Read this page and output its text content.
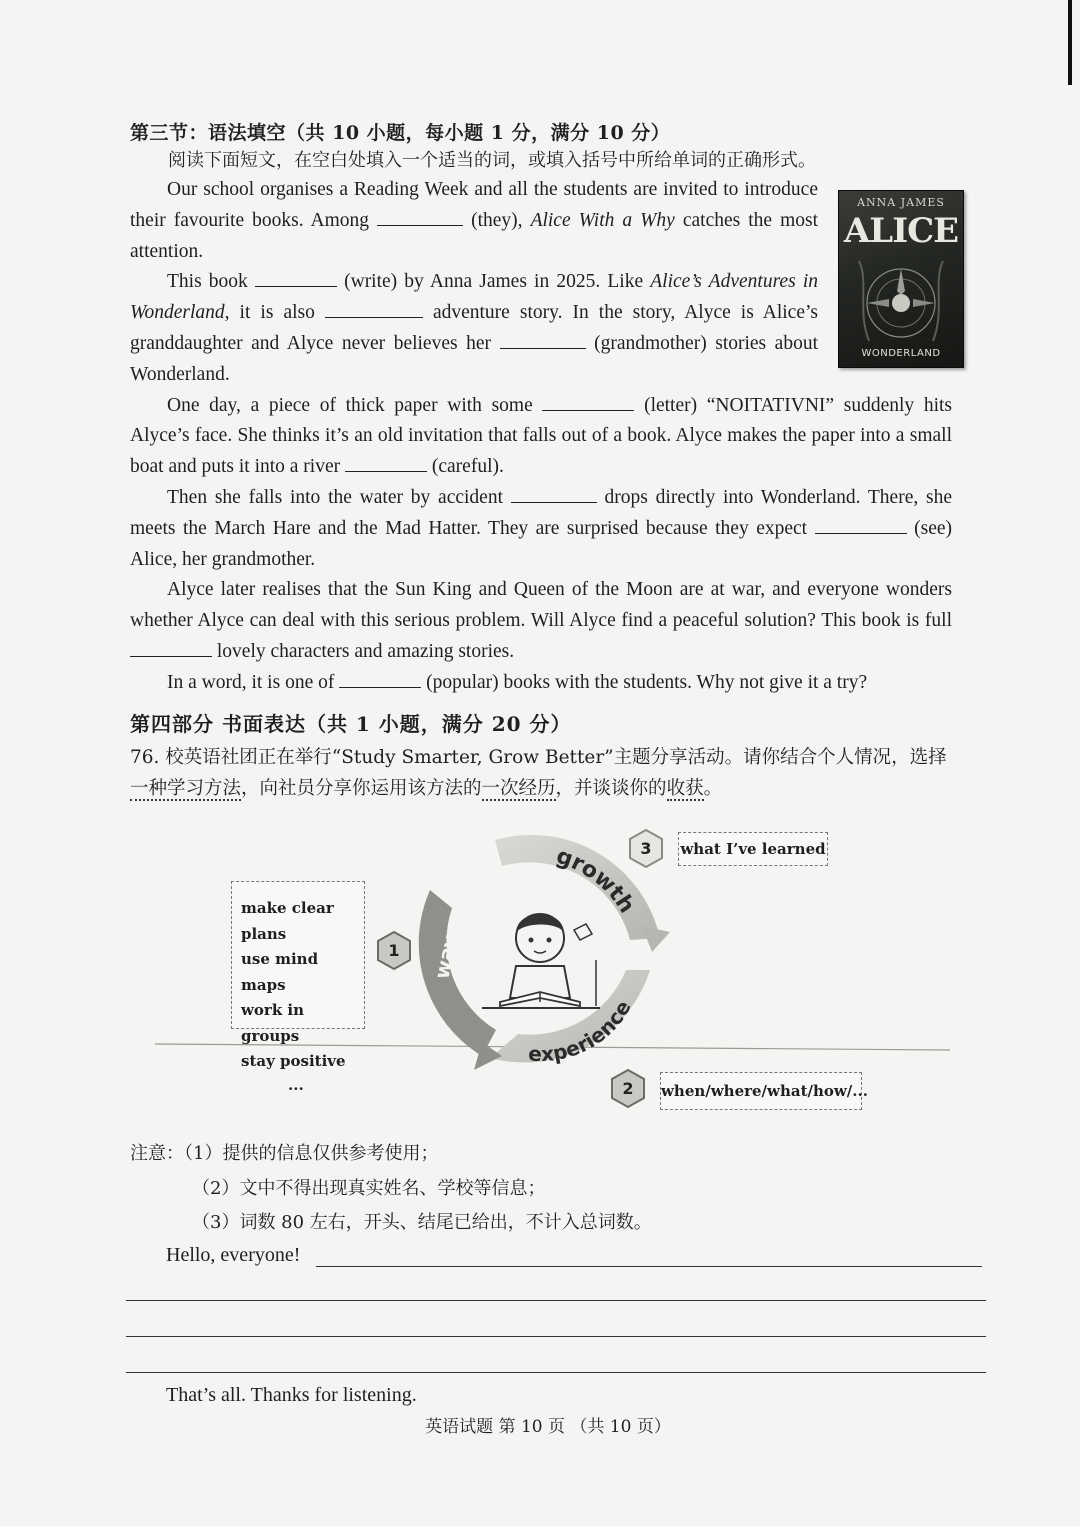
第三节：语法填空（共 10 小题，每小题 1 分，满分 10 分）
阅读下面短文，在空白处填入一个适当的词，或填入括号中所给单词的正确形式。

Our school organises a Reading Week and all the students are invited to introduce their favourite books. Among	(they), Alice With a Why catches the most attention.

This book	(write) by Anna James in 2025. Like Alice’s Adventures in Wonderland, it is also	adventure story. In the story, Alyce is Alice’s granddaughter and Alyce never believes her	(grandmother) stories about Wonderland.

One day, a piece of thick paper with some	(letter) “NOITATIVNI” suddenly hits Alyce’s face. She thinks it’s an old invitation that falls out of a book. Alyce makes the paper into a small boat and puts it into a river	(careful).

Then she falls into the water by accident	drops directly into Wonderland. There, she meets the March Hare and the Mad Hatter. They are surprised because they expect	(see) Alice, her grandmother.

Alyce later realises that the Sun King and Queen of the Moon are at war, and everyone wonders whether Alyce can deal with this serious problem. Will Alyce find a peaceful solution? This book is full  lovely characters and amazing stories.

In a word, it is one of	(popular) books with the students. Why not give it a try?

ANNA JAMES
ALICE
WONDERLAND
第四部分 书面表达（共 1 小题，满分 20 分）
76. 校英语社团正在举行“Study Smarter, Grow Better”主题分享活动。请你结合个人情况，选择
一种学习方法，向社员分享你运用该方法的一次经历，并谈谈你的收获。
way
growth
experience
1
3
2
make clear plans
use mind maps
work in groups
stay positive
...
what I’ve learned
when/where/what/how/...
注意：（1）提供的信息仅供参考使用；
（2）文中不得出现真实姓名、学校等信息；
（3）词数 80 左右，开头、结尾已给出，不计入总词数。
Hello, everyone!
That’s all. Thanks for listening.
英语试题 第 10 页 （共 10 页）
